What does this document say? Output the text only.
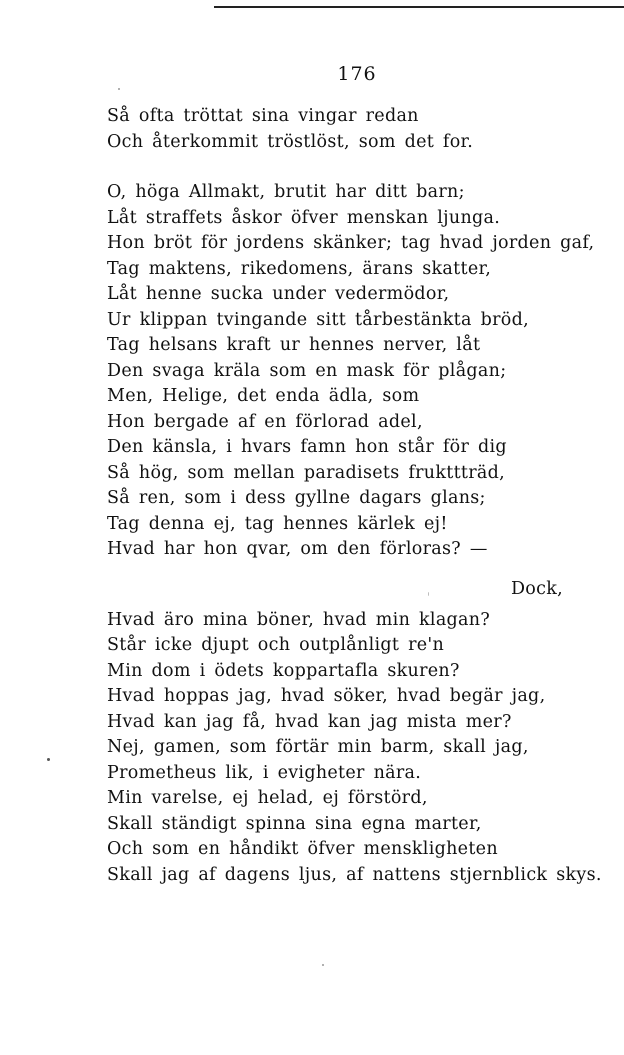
176
Så ofta tröttat sina vingar redan
Och återkommit tröstlöst, som det for.
O, höga Allmakt, brutit har ditt barn;
Låt straffets åskor öfver menskan ljunga.
Hon bröt för jordens skänker; tag hvad jorden gaf,
Tag maktens, rikedomens, ärans skatter,
Låt henne sucka under vedermödor,
Ur klippan tvingande sitt tårbestänkta bröd,
Tag helsans kraft ur hennes nerver, låt
Den svaga kräla som en mask för plågan;
Men, Helige, det enda ädla, som
Hon bergade af en förlorad adel,
Den känsla, i hvars famn hon står för dig
Så hög, som mellan paradisets frukttträd,
Så ren, som i dess gyllne dagars glans;
Tag denna ej, tag hennes kärlek ej!
Hvad har hon qvar, om den förloras? —
Dock,
Hvad äro mina böner, hvad min klagan?
Står icke djupt och outplånligt re'n
Min dom i ödets koppartafla skuren?
Hvad hoppas jag, hvad söker, hvad begär jag,
Hvad kan jag få, hvad kan jag mista mer?
Nej, gamen, som förtär min barm, skall jag,
Prometheus lik, i evigheter nära.
Min varelse, ej helad, ej förstörd,
Skall ständigt spinna sina egna marter,
Och som en håndikt öfver menskligheten
Skall jag af dagens ljus, af nattens stjernblick skys.
